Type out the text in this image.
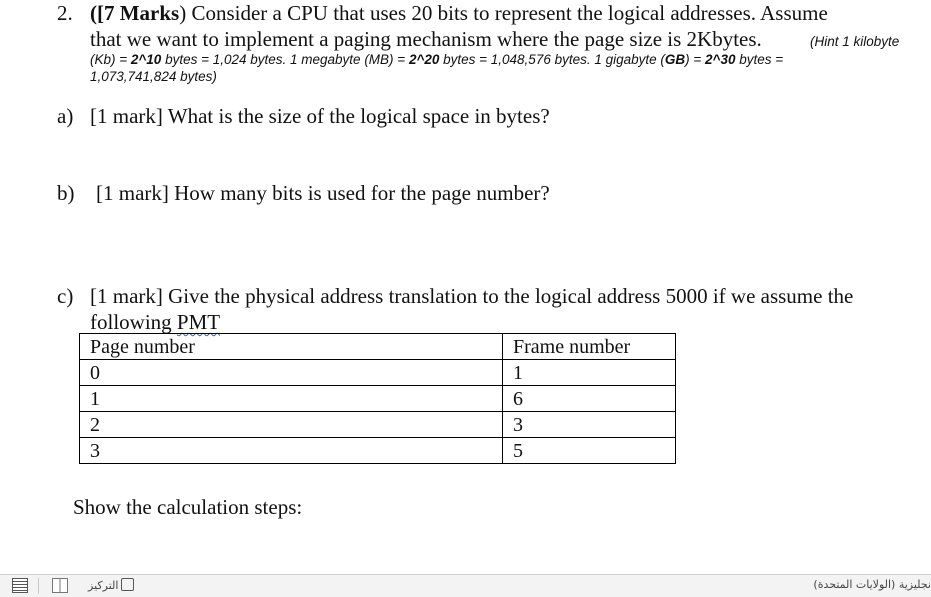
2. ([7 Marks) Consider a CPU that uses 20 bits to represent the logical addresses. Assume
that we want to implement a paging mechanism where the page size is 2Kbytes.	(Hint 1 kilobyte
(Kb) = 2^10 bytes = 1,024 bytes. 1 megabyte (MB) = 2^20 bytes = 1,048,576 bytes. 1 gigabyte (GB) = 2^30 bytes =
1,073,741,824 bytes)
a) [1 mark] What is the size of the logical space in bytes?
b) [1 mark] How many bits is used for the page number?
c) [1 mark] Give the physical address translation to the logical address 5000 if we assume the
following PMT
Page number	Frame number
0	1
1	6
2	3
3	5
Show the calculation steps:
التركيز	نجليزية (الولايات المتحدة)
